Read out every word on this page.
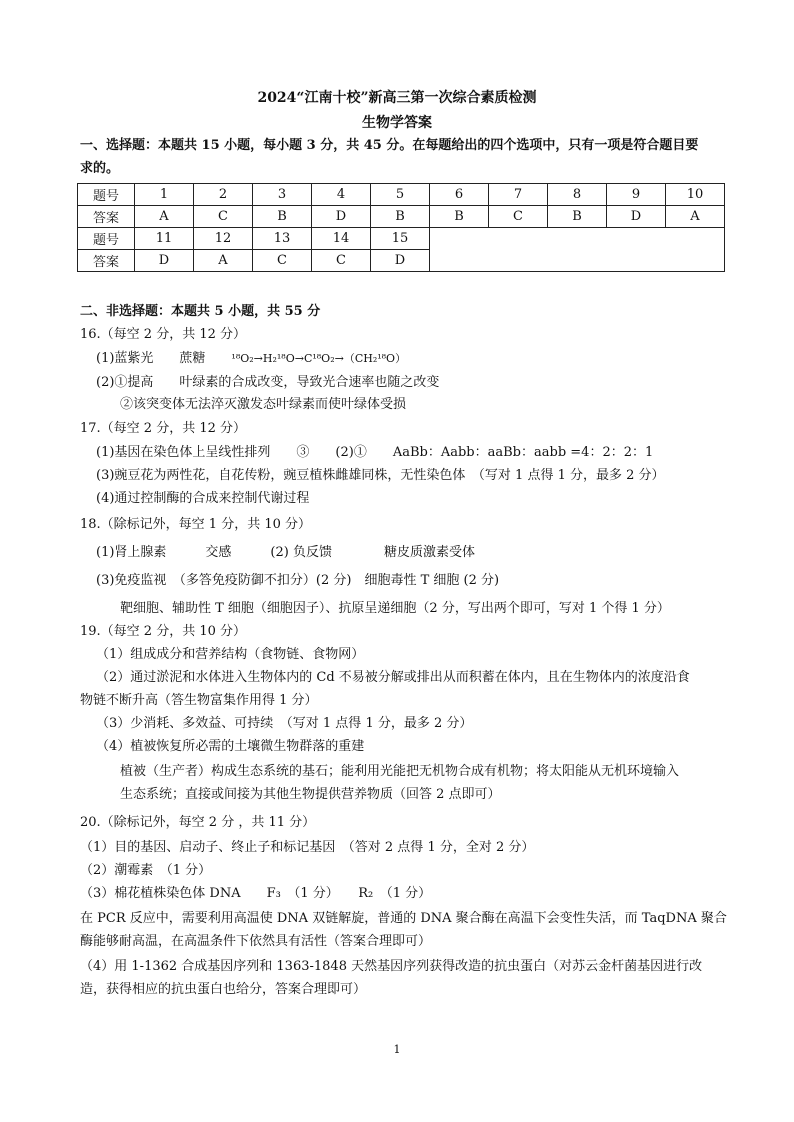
2024“江南十校”新高三第一次综合素质检测
生物学答案
一、选择题：本题共 15 小题，每小题 3 分，共 45 分。在每题给出的四个选项中，只有一项是符合题目要
求的。
题号	1	2	3	4	5	6	7	8	9	10
答案	A	C	B	D	B	B	C	B	D	A
题号	11	12	13	14	15					
答案	D	A	C	C	D					
二、非选择题：本题共 5 小题，共 55 分
16.（每空 2 分，共 12 分）
(1)蓝紫光　　蔗糖　　¹⁸O₂→H₂¹⁸O→C¹⁸O₂→（CH₂¹⁸O）
(2)①提高　　叶绿素的合成改变，导致光合速率也随之改变
②该突变体无法淬灭激发态叶绿素而使叶绿体受损
17.（每空 2 分，共 12 分）
(1)基因在染色体上呈线性排列　　③　　(2)①　　AaBb：Aabb：aaBb：aabb =4：2：2：1
(3)豌豆花为两性花，自花传粉，豌豆植株雌雄同株，无性染色体　（写对 1 点得 1 分，最多 2 分）
(4)通过控制酶的合成来控制代谢过程
18.（除标记外，每空 1 分，共 10 分）
(1)肾上腺素　　　交感　　　(2) 负反馈　　　　糖皮质激素受体
(3)免疫监视　（多答免疫防御不扣分）(2 分)　细胞毒性 T 细胞 (2 分)
靶细胞、辅助性 T 细胞（细胞因子）、抗原呈递细胞（2 分，写出两个即可，写对 1 个得 1 分）
19.（每空 2 分，共 10 分）
（1）组成成分和营养结构（食物链、食物网）
（2）通过淤泥和水体进入生物体内的 Cd 不易被分解或排出从而积蓄在体内，且在生物体内的浓度沿食
物链不断升高（答生物富集作用得 1 分）
（3）少消耗、多效益、可持续　（写对 1 点得 1 分，最多 2 分）
（4）植被恢复所必需的土壤微生物群落的重建
植被（生产者）构成生态系统的基石；能利用光能把无机物合成有机物；将太阳能从无机环境输入
生态系统；直接或间接为其他生物提供营养物质（回答 2 点即可）
20.（除标记外，每空 2 分 ，共 11 分）
（1）目的基因、启动子、终止子和标记基因　（答对 2 点得 1 分，全对 2 分）
（2）潮霉素　（1 分）
（3）棉花植株染色体 DNA　　F₃　（1 分）　　R₂　（1 分）
在 PCR 反应中，需要利用高温使 DNA 双链解旋，普通的 DNA 聚合酶在高温下会变性失活，而 TaqDNA 聚合
酶能够耐高温，在高温条件下依然具有活性（答案合理即可）
（4）用 1-1362 合成基因序列和 1363-1848 天然基因序列获得改造的抗虫蛋白（对苏云金杆菌基因进行改
造，获得相应的抗虫蛋白也给分，答案合理即可）
1
